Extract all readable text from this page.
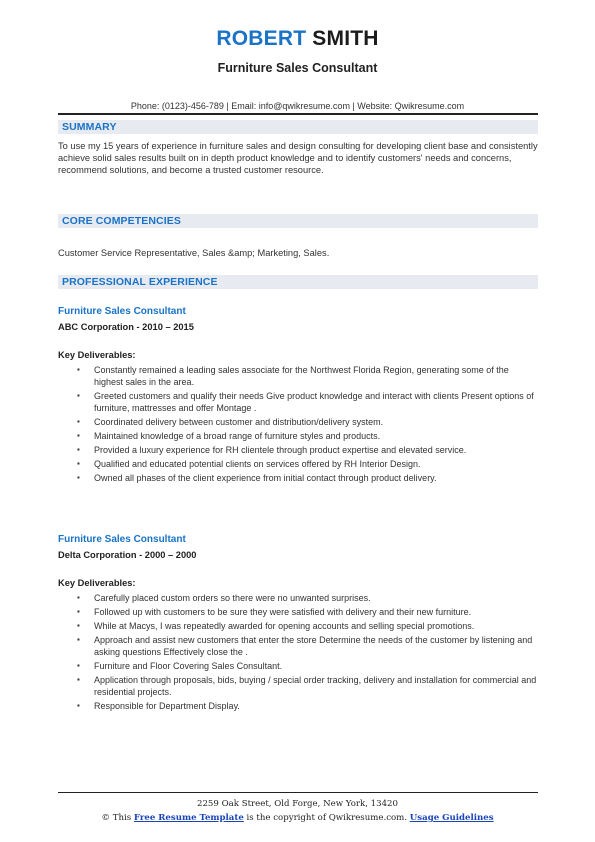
ROBERT SMITH
Furniture Sales Consultant
Phone: (0123)-456-789 | Email: info@qwikresume.com | Website: Qwikresume.com
SUMMARY
To use my 15 years of experience in furniture sales and design consulting for developing client base and consistently achieve solid sales results built on in depth product knowledge and to identify customers' needs and concerns, recommend solutions, and become a trusted customer resource.
CORE COMPETENCIES
Customer Service Representative, Sales &amp; Marketing, Sales.
PROFESSIONAL EXPERIENCE
Furniture Sales Consultant
ABC Corporation - 2010 – 2015
Key Deliverables:
▪ Constantly remained a leading sales associate for the Northwest Florida Region, generating some of the highest sales in the area.
▪ Greeted customers and qualify their needs Give product knowledge and interact with clients Present options of furniture, mattresses and offer Montage .
▪ Coordinated delivery between customer and distribution/delivery system.
▪ Maintained knowledge of a broad range of furniture styles and products.
▪ Provided a luxury experience for RH clientele through product expertise and elevated service.
▪ Qualified and educated potential clients on services offered by RH Interior Design.
▪ Owned all phases of the client experience from initial contact through product delivery.
Furniture Sales Consultant
Delta Corporation - 2000 – 2000
Key Deliverables:
▪ Carefully placed custom orders so there were no unwanted surprises.
▪ Followed up with customers to be sure they were satisfied with delivery and their new furniture.
▪ While at Macys, I was repeatedly awarded for opening accounts and selling special promotions.
▪ Approach and assist new customers that enter the store Determine the needs of the customer by listening and asking questions Effectively close the .
▪ Furniture and Floor Covering Sales Consultant.
▪ Application through proposals, bids, buying / special order tracking, delivery and installation for commercial and residential projects.
▪ Responsible for Department Display.
2259 Oak Street, Old Forge, New York, 13420
© This Free Resume Template is the copyright of Qwikresume.com. Usage Guidelines
